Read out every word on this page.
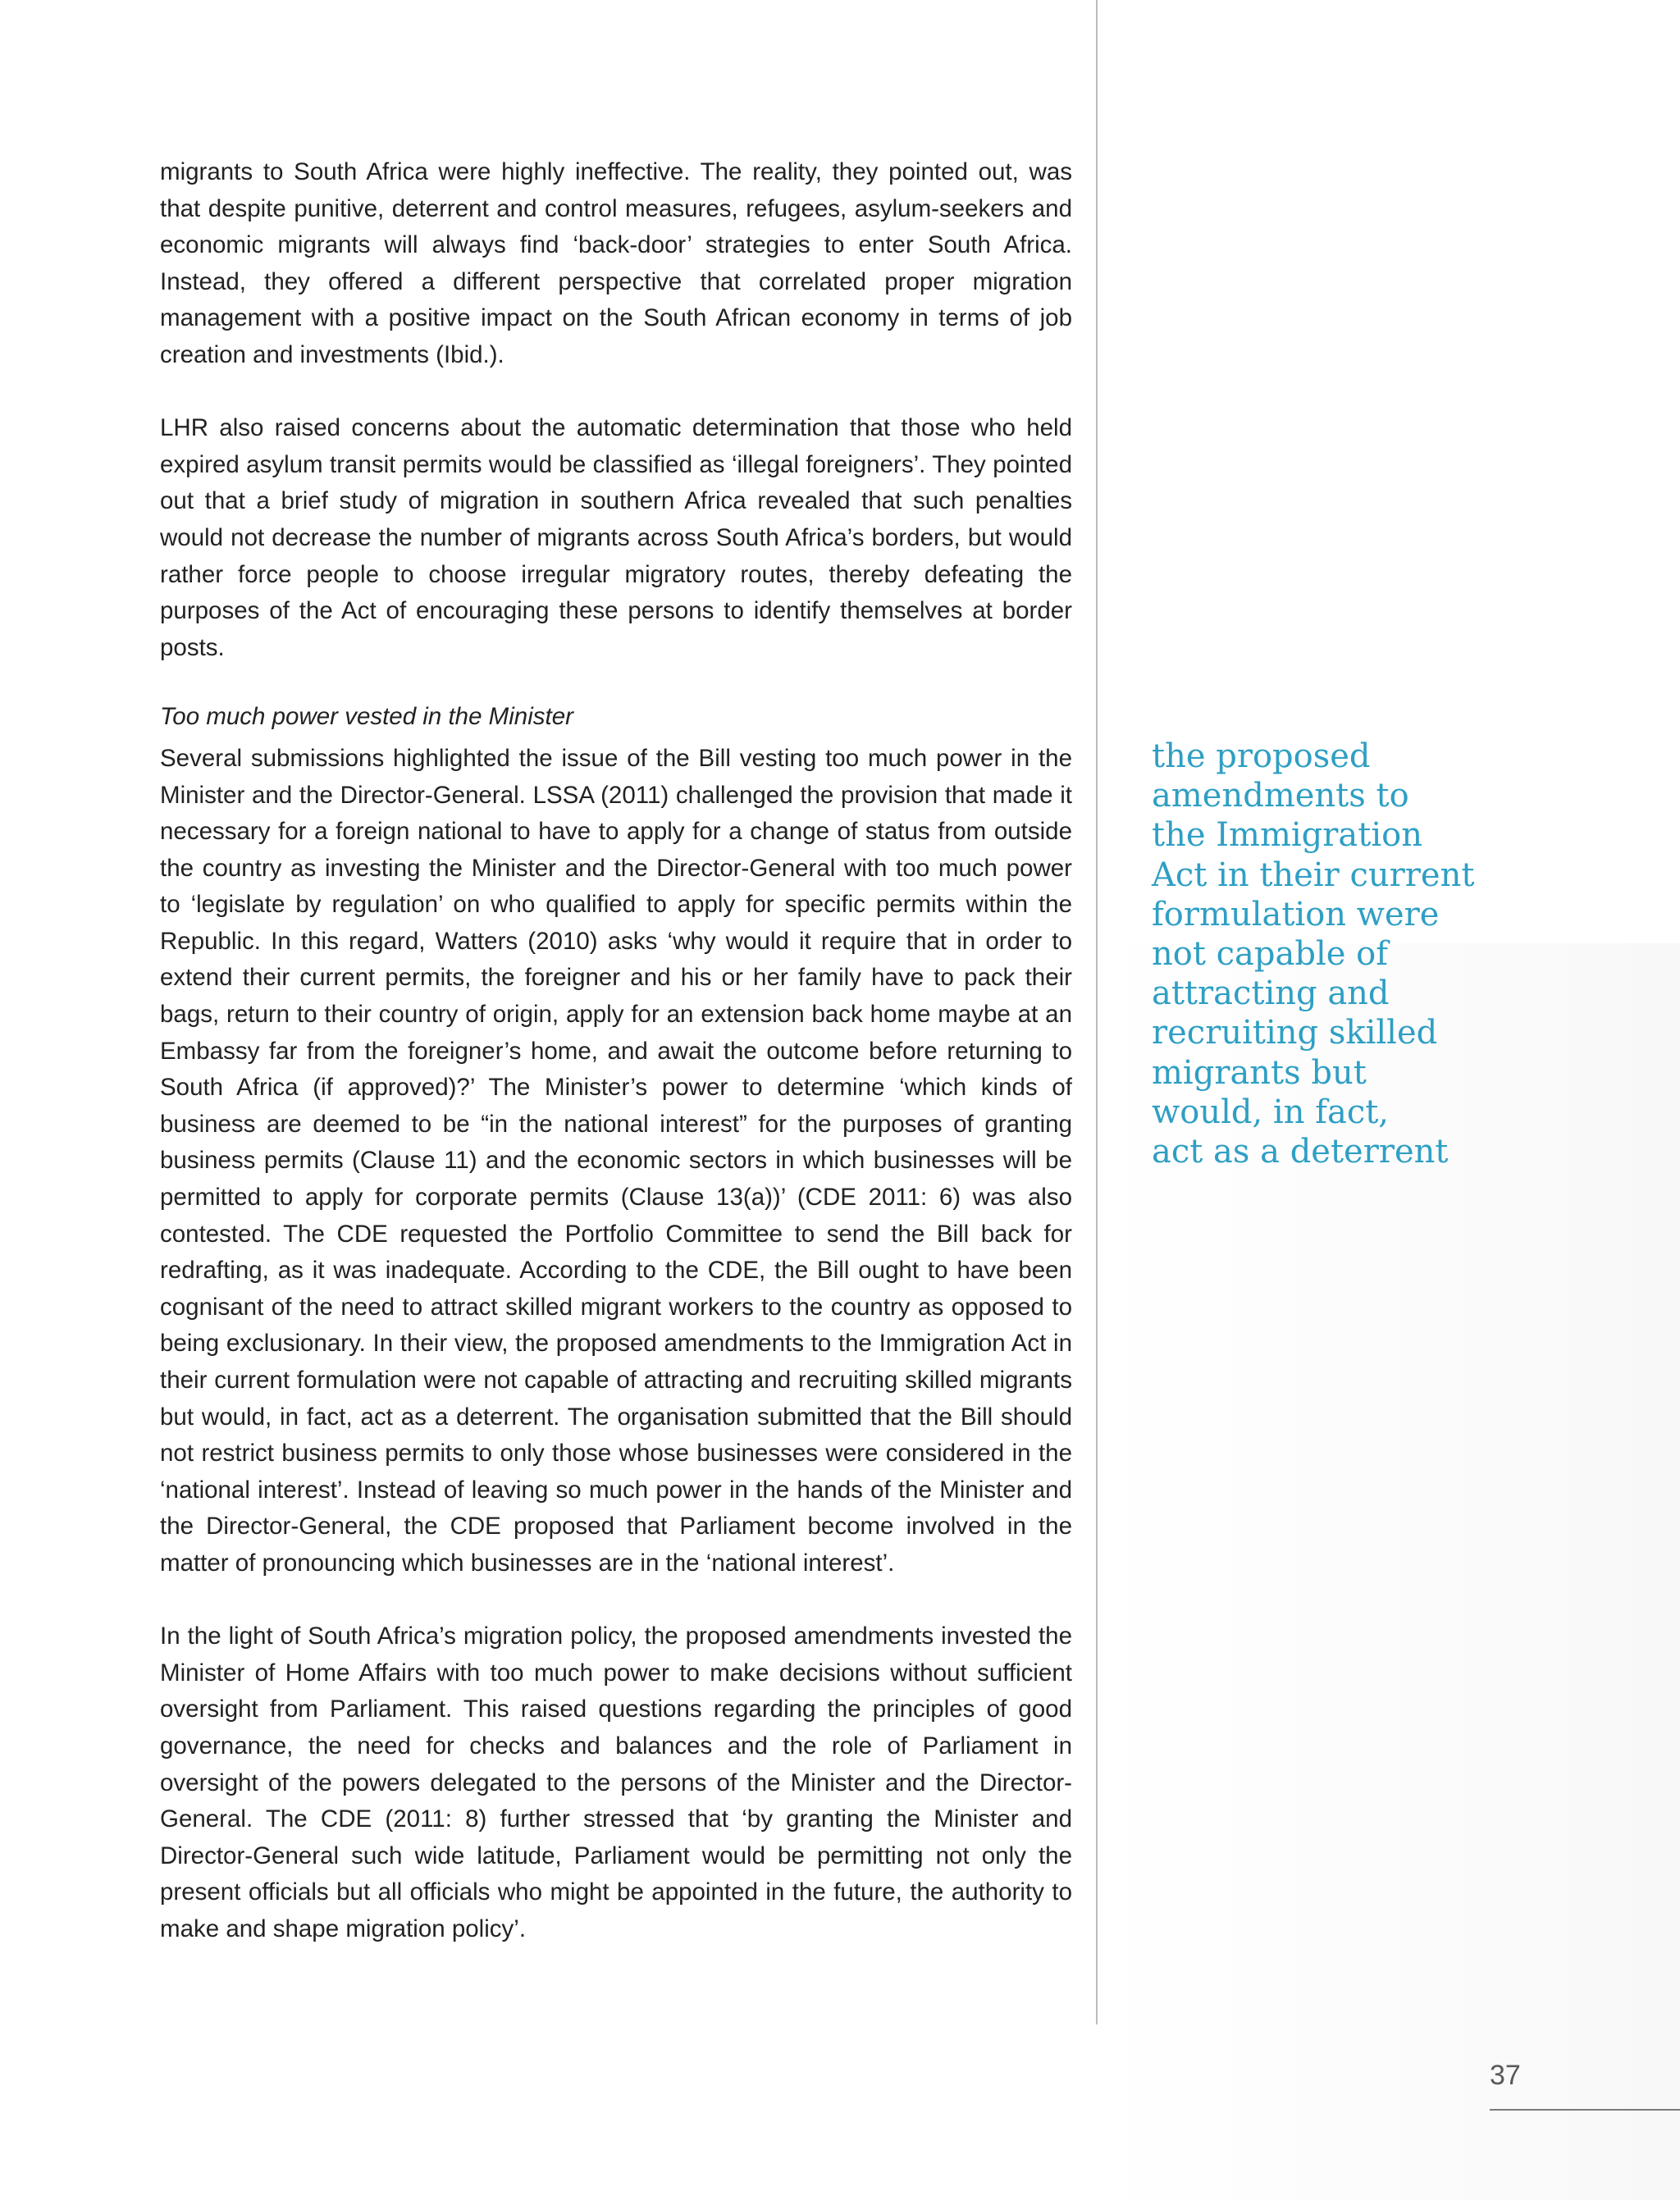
migrants to South Africa were highly ineffective. The reality, they pointed out, was that despite punitive, deterrent and control measures, refugees, asylum-seekers and economic migrants will always find ‘back-door’ strategies to enter South Africa. Instead, they offered a different perspective that correlated proper migration management with a positive impact on the South African economy in terms of job creation and investments (Ibid.).

LHR also raised concerns about the automatic determination that those who held expired asylum transit permits would be classified as ‘illegal foreigners’. They pointed out that a brief study of migration in southern Africa revealed that such penalties would not decrease the number of migrants across South Africa’s borders, but would rather force people to choose irregular migratory routes, thereby defeating the purposes of the Act of encouraging these persons to identify themselves at border posts.

Too much power vested in the Minister

Several submissions highlighted the issue of the Bill vesting too much power in the Minister and the Director-General. LSSA (2011) challenged the provision that made it necessary for a foreign national to have to apply for a change of status from outside the country as investing the Minister and the Director-General with too much power to ‘legislate by regulation’ on who qualified to apply for specific permits within the Republic. In this regard, Watters (2010) asks ‘why would it require that in order to extend their current permits, the foreigner and his or her family have to pack their bags, return to their country of origin, apply for an extension back home maybe at an Embassy far from the foreigner’s home, and await the outcome before returning to South Africa (if approved)?’ The Minister’s power to determine ‘which kinds of business are deemed to be “in the national interest” for the purposes of granting business permits (Clause 11) and the economic sectors in which businesses will be permitted to apply for corporate permits (Clause 13(a))’ (CDE 2011: 6) was also contested. The CDE requested the Portfolio Committee to send the Bill back for redrafting, as it was inadequate. According to the CDE, the Bill ought to have been cognisant of the need to attract skilled migrant workers to the country as opposed to being exclusionary. In their view, the proposed amendments to the Immigration Act in their current formulation were not capable of attracting and recruiting skilled migrants but would, in fact, act as a deterrent. The organisation submitted that the Bill should not restrict business permits to only those whose businesses were considered in the ‘national interest’. Instead of leaving so much power in the hands of the Minister and the Director-General, the CDE proposed that Parliament become involved in the matter of pronouncing which businesses are in the ‘national interest’.

In the light of South Africa’s migration policy, the proposed amendments invested the Minister of Home Affairs with too much power to make decisions without sufficient oversight from Parliament. This raised questions regarding the principles of good governance, the need for checks and balances and the role of Parliament in oversight of the powers delegated to the persons of the Minister and the Director-General. The CDE (2011: 8) further stressed that ‘by granting the Minister and Director-General such wide latitude, Parliament would be permitting not only the present officials but all officials who might be appointed in the future, the authority to make and shape migration policy’.

the proposed
amendments to
the Immigration
Act in their current
formulation were
not capable of
attracting and
recruiting skilled
migrants but
would, in fact,
act as a deterrent

37
